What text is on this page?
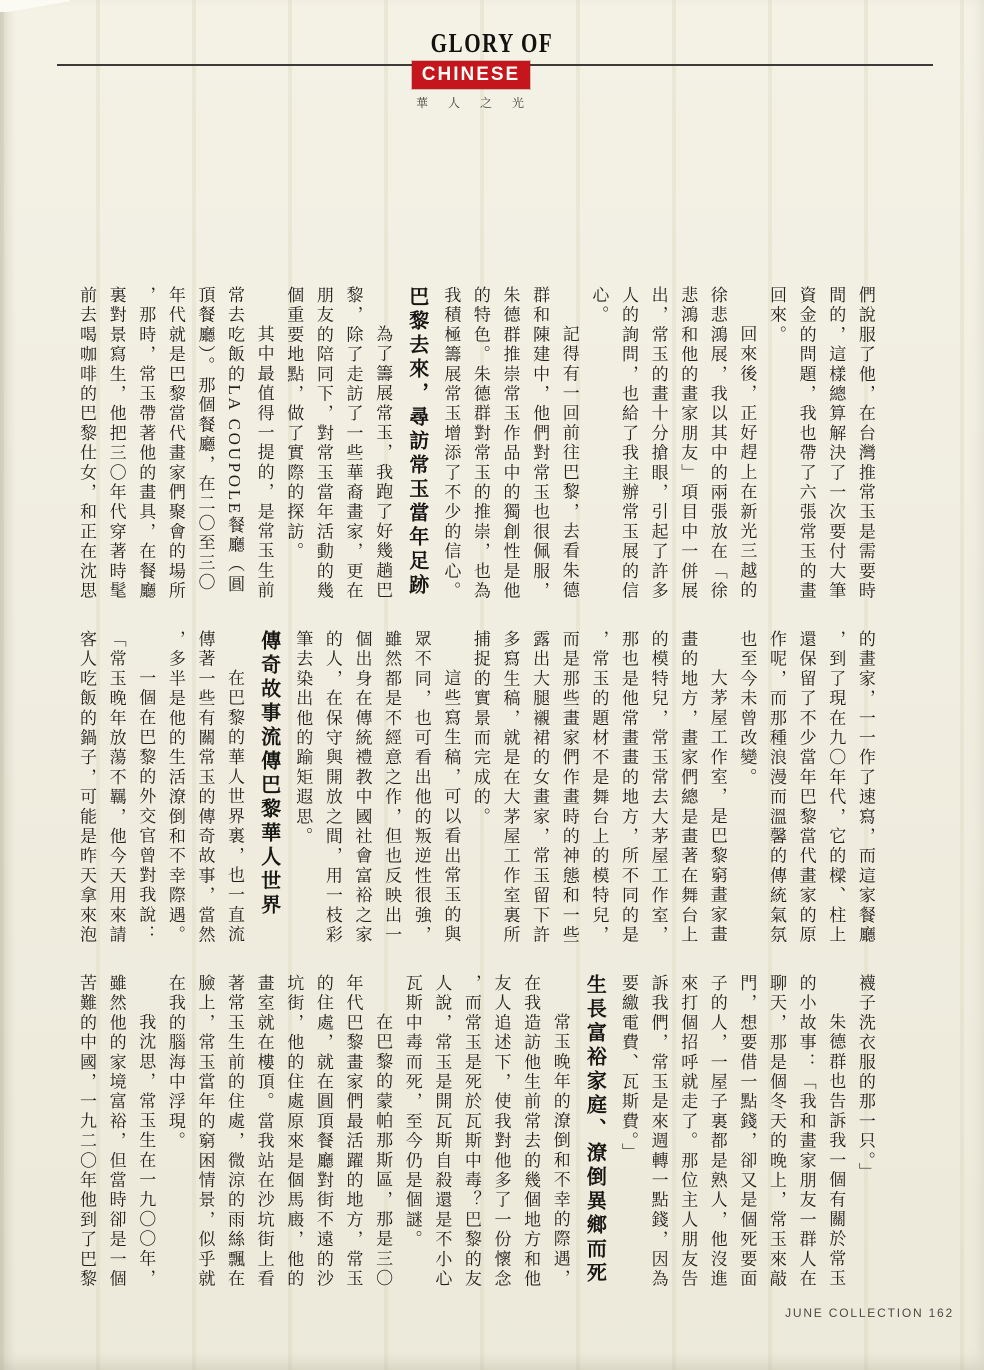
GLORY OF
CHINESE
華人之光
們說服了他，在台灣推常玉是需要時
間的，這樣總算解決了一次要付大筆
資金的問題，我也帶了六張常玉的畫
回來。
回來後，正好趕上在新光三越的
徐悲鴻展，我以其中的兩張放在「徐
悲鴻和他的畫家朋友」項目中一併展
出，常玉的畫十分搶眼，引起了許多
人的詢問，也給了我主辦常玉展的信
心。
記得有一回前往巴黎，去看朱德
群和陳建中，他們對常玉也很佩服，
朱德群推崇常玉作品中的獨創性是他
的特色。朱德群對常玉的推崇，也為
我積極籌展常玉增添了不少的信心。
巴黎去來，尋訪常玉當年足跡
為了籌展常玉，我跑了好幾趟巴
黎，除了走訪了一些華裔畫家，更在
朋友的陪同下，對常玉當年活動的幾
個重要地點，做了實際的探訪。
其中最值得一提的，是常玉生前
常去吃飯的LA COUPOLE餐廳（圓
頂餐廳）。那個餐廳，在二〇至三〇
年代就是巴黎當代畫家們聚會的場所
，那時，常玉帶著他的畫具，在餐廳
裏對景寫生，他把三〇年代穿著時髦
前去喝咖啡的巴黎仕女，和正在沈思
的畫家，一一作了速寫，而這家餐廳
，到了現在九〇年代，它的樑、柱上
還保留了不少當年巴黎當代畫家的原
作呢，而那種浪漫而溫馨的傳統氣氛
也至今未曾改變。
大茅屋工作室，是巴黎窮畫家畫
畫的地方，畫家們總是畫著在舞台上
的模特兒，常玉常去大茅屋工作室，
那也是他常畫畫的地方，所不同的是
，常玉的題材不是舞台上的模特兒，
而是那些畫家們作畫時的神態和一些
露出大腿襯裙的女畫家，常玉留下許
多寫生稿，就是在大茅屋工作室裏所
捕捉的實景而完成的。
這些寫生稿，可以看出常玉的與
眾不同，也可看出他的叛逆性很強，
雖然都是不經意之作，但也反映出一
個出身在傳統禮教中國社會富裕之家
的人，在保守與開放之間，用一枝彩
筆去染出他的踰矩遐思。
傳奇故事流傳巴黎華人世界
在巴黎的華人世界裏，也一直流
傳著一些有關常玉的傳奇故事，當然
，多半是他的生活潦倒和不幸際遇。
一個在巴黎的外交官曾對我說：
「常玉晚年放蕩不羈，他今天用來請
客人吃飯的鍋子，可能是昨天拿來泡
襪子洗衣服的那一只。」
朱德群也告訴我一個有關於常玉
的小故事：「我和畫家朋友一群人在
聊天，那是個冬天的晚上，常玉來敲
門，想要借一點錢，卻又是個死要面
子的人，一屋子裏都是熟人，他沒進
來打個招呼就走了。那位主人朋友告
訴我們，常玉是來週轉一點錢，因為
要繳電費、瓦斯費。」
生長富裕家庭、潦倒異鄉而死
常玉晚年的潦倒和不幸的際遇，
在我造訪他生前常去的幾個地方和他
友人追述下，使我對他多了一份懷念
，而常玉是死於瓦斯中毒？巴黎的友
人說，常玉是開瓦斯自殺還是不小心
瓦斯中毒而死，至今仍是個謎。
在巴黎的蒙帕那斯區，那是三〇
年代巴黎畫家們最活躍的地方，常玉
的住處，就在圓頂餐廳對街不遠的沙
坑街，他的住處原來是個馬廄，他的
畫室就在樓頂。當我站在沙坑街上看
著常玉生前的住處，微涼的雨絲飄在
臉上，常玉當年的窮困情景，似乎就
在我的腦海中浮現。
我沈思，常玉生在一九〇〇年，
雖然他的家境富裕，但當時卻是一個
苦難的中國，一九二〇年他到了巴黎
JUNE COLLECTION 162
